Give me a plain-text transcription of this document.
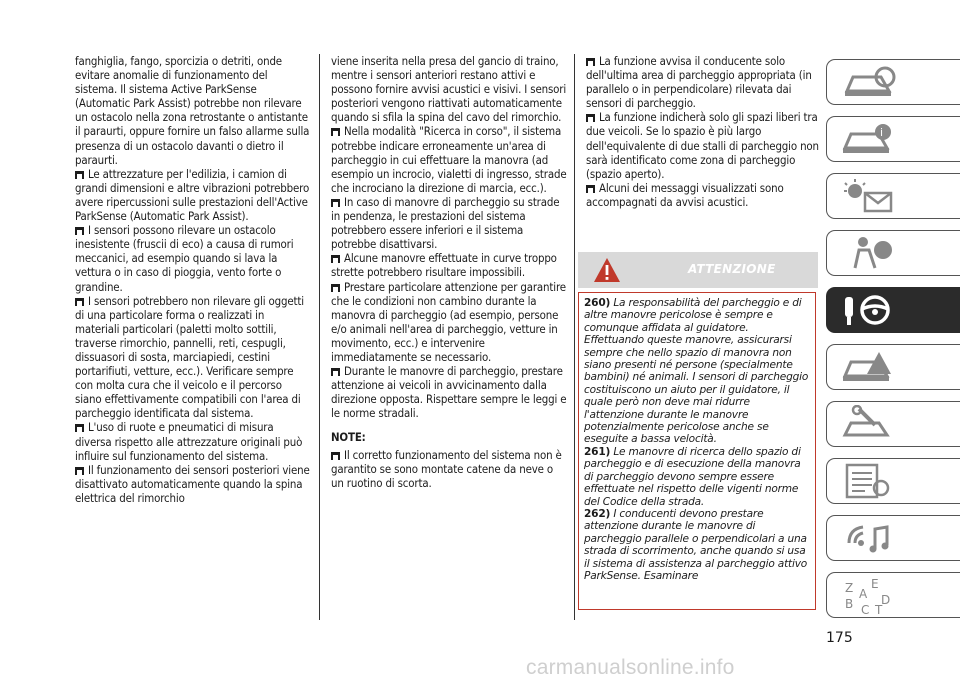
fanghiglia, fango, sporcizia o detriti, onde evitare anomalie di funzionamento del sistema. Il sistema Active ParkSense (Automatic Park Assist) potrebbe non rilevare un ostacolo nella zona retrostante o antistante il paraurti, oppure fornire un falso allarme sulla presenza di un ostacolo davanti o dietro il paraurti.

Le attrezzature per l'edilizia, i camion di grandi dimensioni e altre vibrazioni potrebbero avere ripercussioni sulle prestazioni dell'Active ParkSense (Automatic Park Assist).

I sensori possono rilevare un ostacolo inesistente (fruscii di eco) a causa di rumori meccanici, ad esempio quando si lava la vettura o in caso di pioggia, vento forte o grandine.

I sensori potrebbero non rilevare gli oggetti di una particolare forma o realizzati in materiali particolari (paletti molto sottili, traverse rimorchio, pannelli, reti, cespugli, dissuasori di sosta, marciapiedi, cestini portarifiuti, vetture, ecc.). Verificare sempre con molta cura che il veicolo e il percorso siano effettivamente compatibili con l'area di parcheggio identificata dal sistema.

L'uso di ruote e pneumatici di misura diversa rispetto alle attrezzature originali può influire sul funzionamento del sistema.

Il funzionamento dei sensori posteriori viene disattivato automaticamente quando la spina elettrica del rimorchio

viene inserita nella presa del gancio di traino, mentre i sensori anteriori restano attivi e possono fornire avvisi acustici e visivi. I sensori posteriori vengono riattivati automaticamente quando si sfila la spina del cavo del rimorchio.

Nella modalità "Ricerca in corso", il sistema potrebbe indicare erroneamente un'area di parcheggio in cui effettuare la manovra (ad esempio un incrocio, vialetti di ingresso, strade che incrociano la direzione di marcia, ecc.).

In caso di manovre di parcheggio su strade in pendenza, le prestazioni del sistema potrebbero essere inferiori e il sistema potrebbe disattivarsi.

Alcune manovre effettuate in curve troppo strette potrebbero risultare impossibili.

Prestare particolare attenzione per garantire che le condizioni non cambino durante la manovra di parcheggio (ad esempio, persone e/o animali nell'area di parcheggio, vetture in movimento, ecc.) e intervenire immediatamente se necessario.

Durante le manovre di parcheggio, prestare attenzione ai veicoli in avvicinamento dalla direzione opposta. Rispettare sempre le leggi e le norme stradali.

NOTE:

Il corretto funzionamento del sistema non è garantito se sono montate catene da neve o un ruotino di scorta.

La funzione avvisa il conducente solo dell'ultima area di parcheggio appropriata (in parallelo o in perpendicolare) rilevata dai sensori di parcheggio.

La funzione indicherà solo gli spazi liberi tra due veicoli. Se lo spazio è più largo dell'equivalente di due stalli di parcheggio non sarà identificato come zona di parcheggio (spazio aperto).

Alcuni dei messaggi visualizzati sono accompagnati da avvisi acustici.

ATTENZIONE
260) La responsabilità del parcheggio e di altre manovre pericolose è sempre e comunque affidata al guidatore. Effettuando queste manovre, assicurarsi sempre che nello spazio di manovra non siano presenti né persone (specialmente bambini) né animali. I sensori di parcheggio costituiscono un aiuto per il guidatore, il quale però non deve mai ridurre l'attenzione durante le manovre potenzialmente pericolose anche se eseguite a bassa velocità.
261) Le manovre di ricerca dello spazio di parcheggio e di esecuzione della manovra di parcheggio devono sempre essere effettuate nel rispetto delle vigenti norme del Codice della strada.
262) I conducenti devono prestare attenzione durante le manovre di parcheggio parallele o perpendicolari a una strada di scorrimento, anche quando si usa il sistema di assistenza al parcheggio attivo ParkSense. Esaminare
i
Z E
A
B D
C T
175
carmanualsonline.info
